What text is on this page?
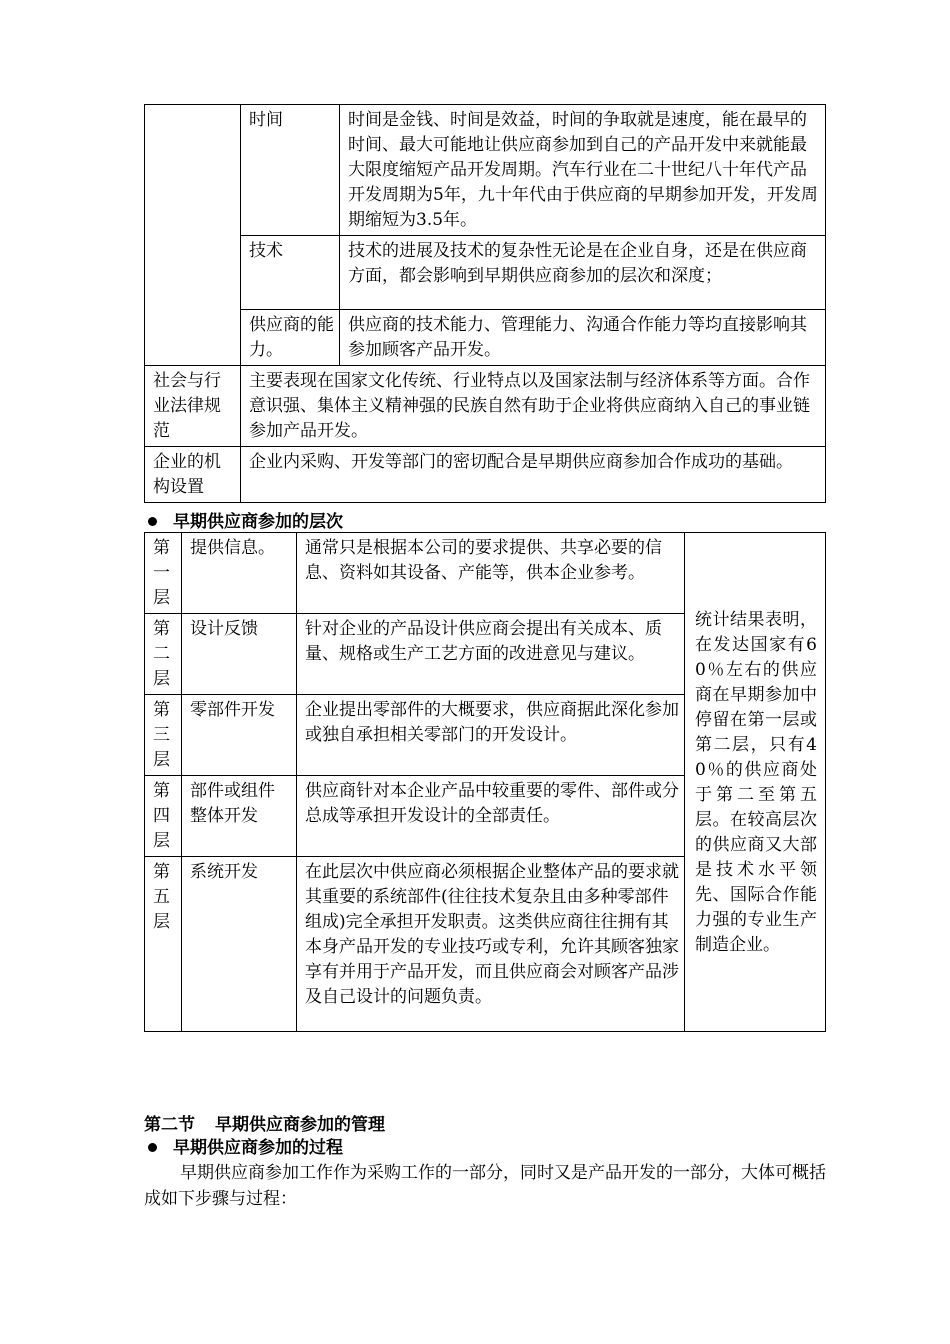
	时间	时间是金钱、时间是效益，时间的争取就是速度，能在最早的时间、最大可能地让供应商参加到自己的产品开发中来就能最大限度缩短产品开发周期。汽车行业在二十世纪八十年代产品开发周期为5年，九十年代由于供应商的早期参加开发，开发周期缩短为3.5年。
	技术	技术的进展及技术的复杂性无论是在企业自身，还是在供应商方面，都会影响到早期供应商参加的层次和深度；
	供应商的能力。	供应商的技术能力、管理能力、沟通合作能力等均直接影响其参加顾客产品开发。
社会与行业法律规范	主要表现在国家文化传统、行业特点以及国家法制与经济体系等方面。合作意识强、集体主义精神强的民族自然有助于企业将供应商纳入自己的事业链参加产品开发。	
企业的机构设置	企业内采购、开发等部门的密切配合是早期供应商参加合作成功的基础。	
早期供应商参加的层次
第一层	提供信息。	通常只是根据本公司的要求提供、共享必要的信息、资料如其设备、产能等，供本企业参考。	统计结果表明，在发达国家有60％左右的供应商在早期参加中停留在第一层或第二层，只有40％的供应商处于第二至第五层。在较高层次的供应商又大部是技术水平领先、国际合作能力强的专业生产制造企业。
第二层	设计反馈	针对企业的产品设计供应商会提出有关成本、质量、规格或生产工艺方面的改进意见与建议。	
第三层	零部件开发	企业提出零部件的大概要求，供应商据此深化参加或独自承担相关零部门的开发设计。	
第四层	部件或组件整体开发	供应商针对本企业产品中较重要的零件、部件或分总成等承担开发设计的全部责任。	
第五层	系统开发	在此层次中供应商必须根据企业整体产品的要求就其重要的系统部件(往往技术复杂且由多种零部件组成)完全承担开发职责。这类供应商往往拥有其本身产品开发的专业技巧或专利，允许其顾客独家享有并用于产品开发，而且供应商会对顾客产品涉及自己设计的问题负责。	
第二节 早期供应商参加的管理
早期供应商参加的过程

早期供应商参加工作作为采购工作的一部分，同时又是产品开发的一部分，大体可概括成如下步骤与过程：
